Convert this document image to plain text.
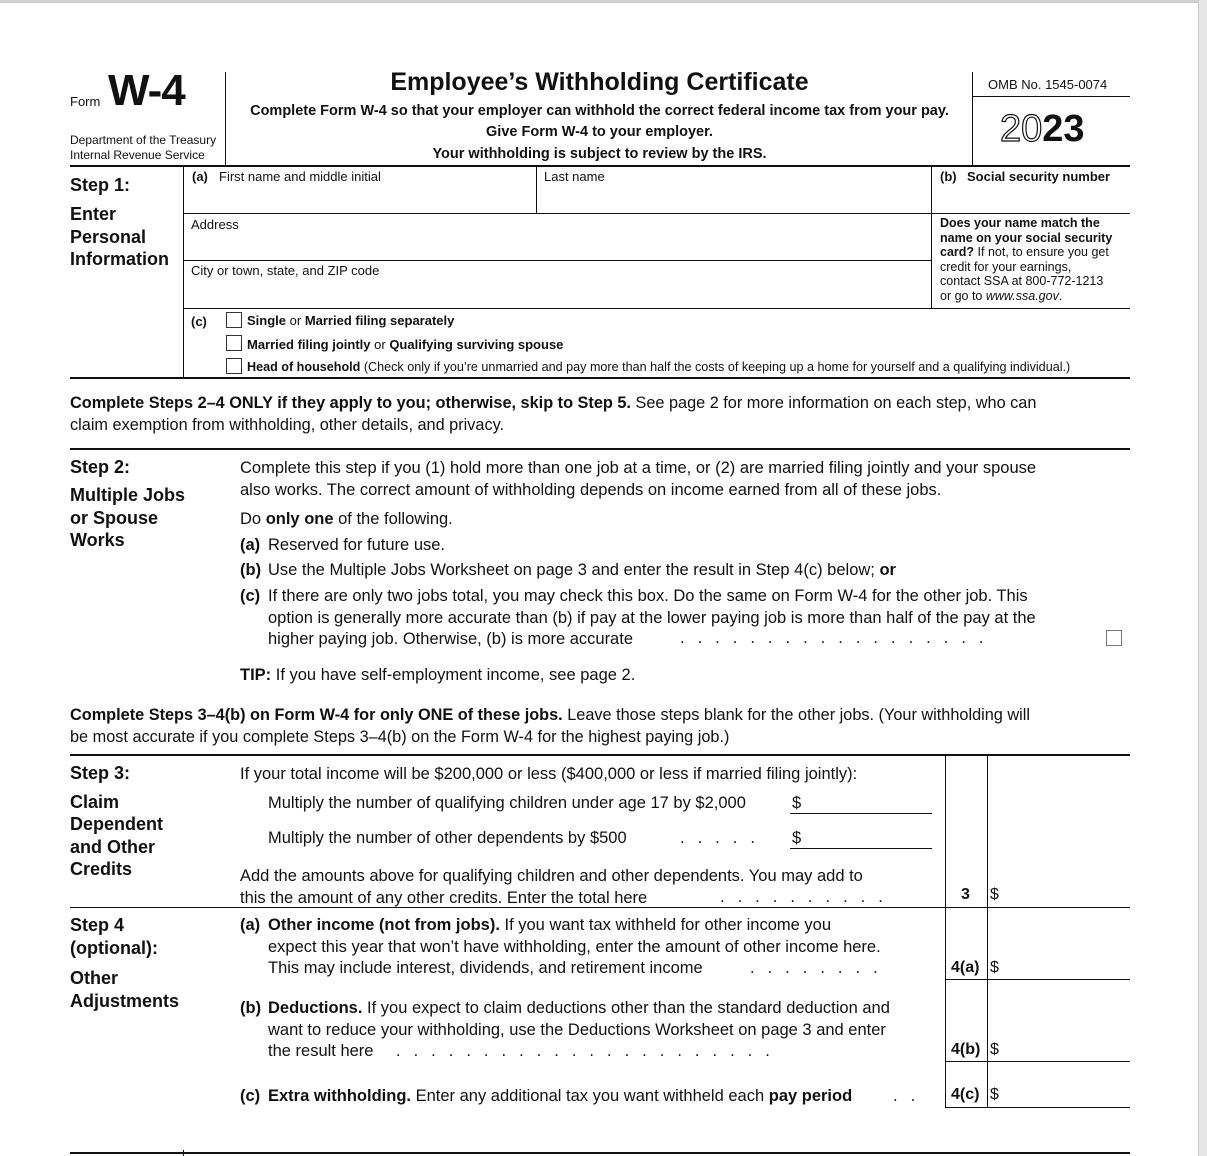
Form W-4
Department of the Treasury
Internal Revenue Service
Employee’s Withholding Certificate
Complete Form W-4 so that your employer can withhold the correct federal income tax from your pay.
Give Form W-4 to your employer.
Your withholding is subject to review by the IRS.
OMB No. 1545-0074
2023
Step 1:
Enter
Personal
Information
(a) First name and middle initial	Last name	(b) Social security number
Address
City or town, state, and ZIP code
Does your name match the
name on your social security
card? If not, to ensure you get
credit for your earnings,
contact SSA at 800-772-1213
or go to www.ssa.gov.
(c)	Single or Married filing separately
Married filing jointly or Qualifying surviving spouse
Head of household (Check only if you’re unmarried and pay more than half the costs of keeping up a home for yourself and a qualifying individual.)
Complete Steps 2–4 ONLY if they apply to you; otherwise, skip to Step 5. See page 2 for more information on each step, who can
claim exemption from withholding, other details, and privacy.
Step 2:
Multiple Jobs
or Spouse
Works
Complete this step if you (1) hold more than one job at a time, or (2) are married filing jointly and your spouse
also works. The correct amount of withholding depends on income earned from all of these jobs.
Do only one of the following.
(a) Reserved for future use.
(b) Use the Multiple Jobs Worksheet on page 3 and enter the result in Step 4(c) below; or
(c) If there are only two jobs total, you may check this box. Do the same on Form W-4 for the other job. This
option is generally more accurate than (b) if pay at the lower paying job is more than half of the pay at the
higher paying job. Otherwise, (b) is more accurate	..................
TIP: If you have self-employment income, see page 2.
Complete Steps 3–4(b) on Form W-4 for only ONE of these jobs. Leave those steps blank for the other jobs. (Your withholding will
be most accurate if you complete Steps 3–4(b) on the Form W-4 for the highest paying job.)
Step 3:
Claim
Dependent
and Other
Credits
If your total income will be $200,000 or less ($400,000 or less if married filing jointly):
Multiply the number of qualifying children under age 17 by $2,000	$
Multiply the number of other dependents by $500	..... $
Add the amounts above for qualifying children and other dependents. You may add to
this the amount of any other credits. Enter the total here	..........	3 $
Step 4
(optional):
Other
Adjustments
(a) Other income (not from jobs). If you want tax withheld for other income you
expect this year that won’t have withholding, enter the amount of other income here.
This may include interest, dividends, and retirement income	........	4(a) $
(b) Deductions. If you expect to claim deductions other than the standard deduction and
want to reduce your withholding, use the Deductions Worksheet on page 3 and enter
the result here	......................	4(b) $
(c) Extra withholding. Enter any additional tax you want withheld each pay period .. 4(c) $
